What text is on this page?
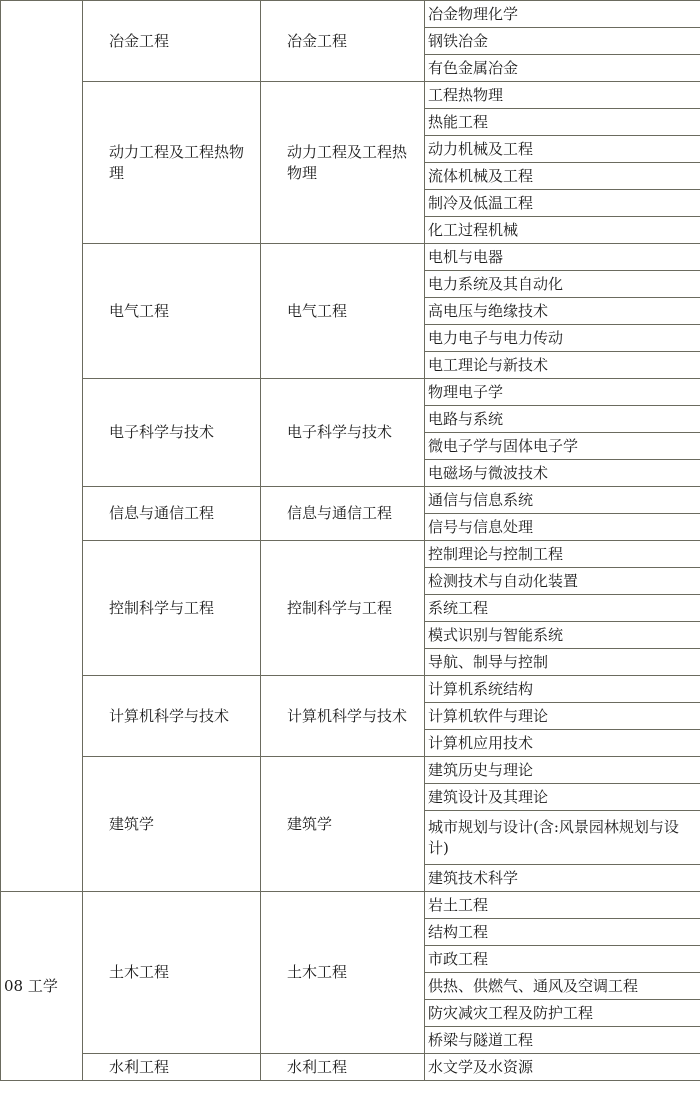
	冶金工程	冶金工程	冶金物理化学

			钢铁冶金

			有色金属冶金

	动力工程及工程热物理	动力工程及工程热物理	工程热物理

			热能工程

			动力机械及工程

			流体机械及工程

			制冷及低温工程

			化工过程机械

	电气工程	电气工程	电机与电器

			电力系统及其自动化

			高电压与绝缘技术

			电力电子与电力传动

			电工理论与新技术

	电子科学与技术	电子科学与技术	物理电子学

			电路与系统

			微电子学与固体电子学

			电磁场与微波技术

	信息与通信工程	信息与通信工程	通信与信息系统

			信号与信息处理

	控制科学与工程	控制科学与工程	控制理论与控制工程

			检测技术与自动化装置

			系统工程

			模式识别与智能系统

			导航、制导与控制

	计算机科学与技术	计算机科学与技术	计算机系统结构

			计算机软件与理论

			计算机应用技术

	建筑学	建筑学	建筑历史与理论

			建筑设计及其理论

			城市规划与设计(含:风景园林规划与设计)

			建筑技术科学

08 工学	土木工程	土木工程	岩土工程

			结构工程

			市政工程

			供热、供燃气、通风及空调工程

			防灾减灾工程及防护工程

			桥梁与隧道工程

	水利工程	水利工程	水文学及水资源
